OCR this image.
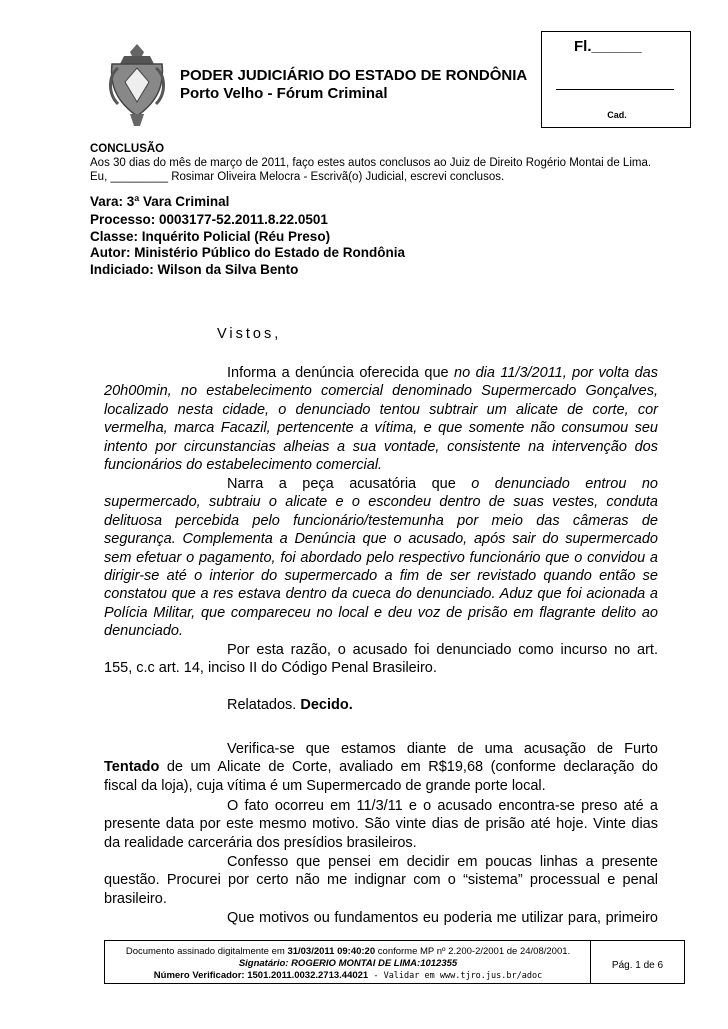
PODER JUDICIÁRIO DO ESTADO DE RONDÔNIA
Porto Velho - Fórum Criminal
Fl.______
Cad.
CONCLUSÃO
Aos 30 dias do mês de março de 2011, faço estes autos conclusos ao Juiz de Direito Rogério Montai de Lima.
Eu, _________ Rosimar Oliveira Melocra - Escrivã(o) Judicial, escrevi conclusos.
Vara: 3ª Vara Criminal
Processo: 0003177-52.2011.8.22.0501
Classe: Inquérito Policial (Réu Preso)
Autor: Ministério Público do Estado de Rondônia
Indiciado: Wilson da Silva Bento
Vistos,
Informa a denúncia oferecida que no dia 11/3/2011, por volta das
20h00min, no estabelecimento comercial denominado Supermercado Gonçalves,
localizado nesta cidade, o denunciado tentou subtrair um alicate de corte, cor
vermelha, marca Facazil, pertencente a vítima, e que somente não consumou seu
intento por circunstancias alheias a sua vontade, consistente na intervenção dos
funcionários do estabelecimento comercial.
Narra a peça acusatória que o denunciado entrou no
supermercado, subtraiu o alicate e o escondeu dentro de suas vestes, conduta
delituosa percebida pelo funcionário/testemunha por meio das câmeras de
segurança. Complementa a Denúncia que o acusado, após sair do supermercado
sem efetuar o pagamento, foi abordado pelo respectivo funcionário que o convidou a
dirigir-se até o interior do supermercado a fim de ser revistado quando então se
constatou que a res estava dentro da cueca do denunciado. Aduz que foi acionada a
Polícia Militar, que compareceu no local e deu voz de prisão em flagrante delito ao
denunciado.
Por esta razão, o acusado foi denunciado como incurso no art.
155, c.c art. 14, inciso II do Código Penal Brasileiro.
Relatados. Decido.
Verifica-se que estamos diante de uma acusação de Furto
Tentado de um Alicate de Corte, avaliado em R$19,68 (conforme declaração do
fiscal da loja), cuja vítima é um Supermercado de grande porte local.
O fato ocorreu em 11/3/11 e o acusado encontra-se preso até a
presente data por este mesmo motivo. São vinte dias de prisão até hoje. Vinte dias
da realidade carcerária dos presídios brasileiros.
Confesso que pensei em decidir em poucas linhas a presente
questão. Procurei por certo não me indignar com o “sistema” processual e penal
brasileiro.
Que motivos ou fundamentos eu poderia me utilizar para, primeiro
Documento assinado digitalmente em 31/03/2011 09:40:20 conforme MP nº 2.200-2/2001 de 24/08/2001.
Signatário: ROGERIO MONTAI DE LIMA:1012355
Número Verificador: 1501.2011.0032.2713.44021 - Validar em www.tjro.jus.br/adoc
Pág. 1 de 6
